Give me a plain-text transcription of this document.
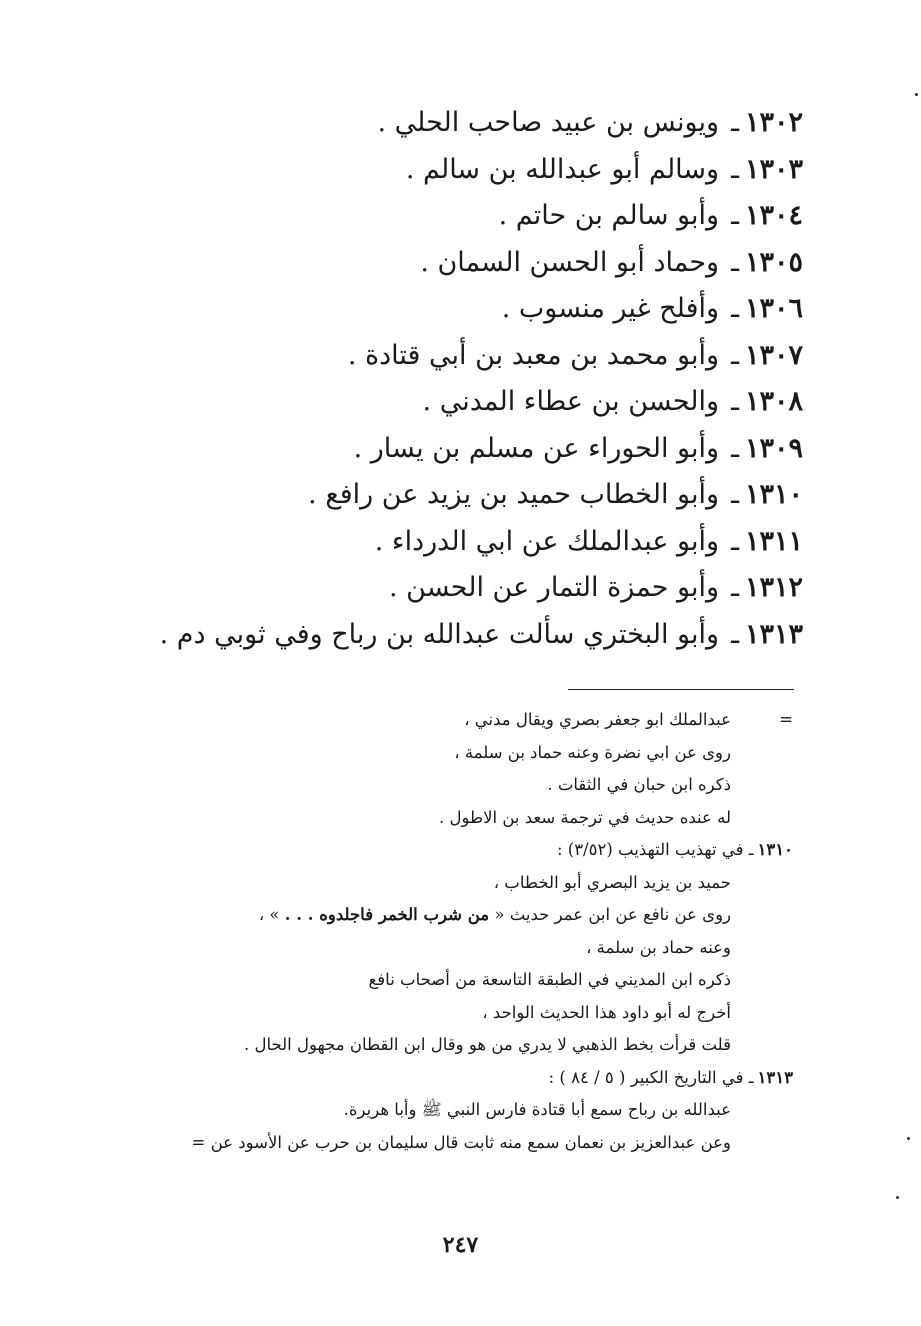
١٣٠٢ـويونس بن عبيد صاحب الحلي .
١٣٠٣ـوسالم أبو عبدالله بن سالم .
١٣٠٤ـوأبو سالم بن حاتم .
١٣٠٥ـوحماد أبو الحسن السمان .
١٣٠٦ـوأفلح غير منسوب .
١٣٠٧ـوأبو محمد بن معبد بن أبي قتادة .
١٣٠٨ـوالحسن بن عطاء المدني .
١٣٠٩ـوأبو الحوراء عن مسلم بن يسار .
١٣١٠ـوأبو الخطاب حميد بن يزيد عن رافع .
١٣١١ـوأبو عبدالملك عن ابي الدرداء .
١٣١٢ـوأبو حمزة التمار عن الحسن .
١٣١٣ـوأبو البختري سألت عبدالله بن رباح وفي ثوبي دم .
=عبدالملك ابو جعفر بصري ويقال مدني ،
روى عن ابي نضرة وعنه حماد بن سلمة ،
ذكره ابن حبان في الثقات .
له عنده حديث في ترجمة سعد بن الاطول .
١٣١٠ـ في تهذيب التهذيب (٣/٥٢) :
حميد بن يزيد البصري أبو الخطاب ،
روى عن نافع عن ابن عمر حديث « من شرب الخمر فاجلدوه . . . » ،
وعنه حماد بن سلمة ،
ذكره ابن المديني في الطبقة التاسعة من أصحاب نافع
أخرج له أبو داود هذا الحديث الواحد ،
قلت قرأت بخط الذهبي لا يدري من هو وقال ابن القطان مجهول الحال .
١٣١٣ـ في التاريخ الكبير ( ٥ / ٨٤ ) :
عبدالله بن رباح سمع أبا قتادة فارس النبي ﷺ وأبا هريرة.
وعن عبدالعزيز بن نعمان سمع منه ثابت قال سليمان بن حرب عن الأسود عن =
٢٤٧
